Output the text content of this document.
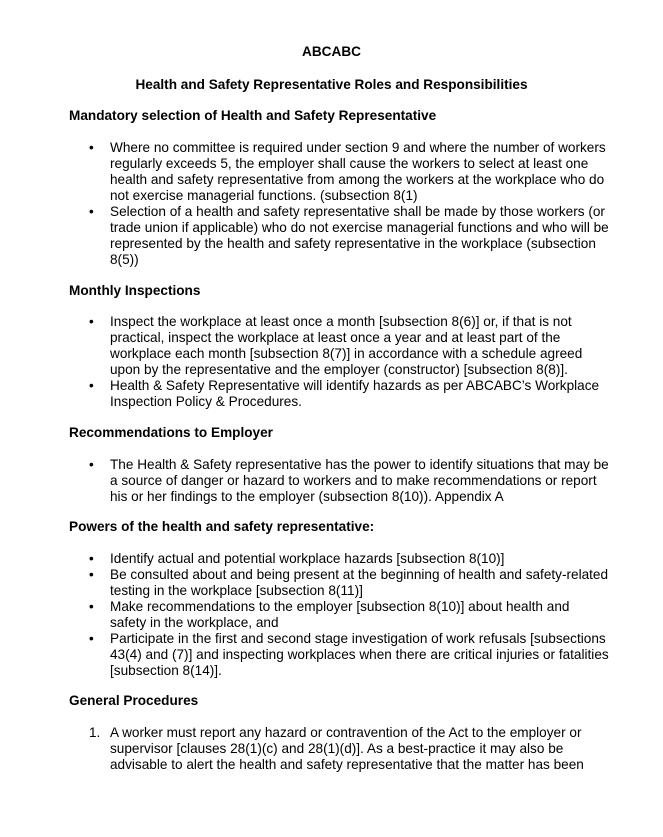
ABCABC
Health and Safety Representative Roles and Responsibilities
Mandatory selection of Health and Safety Representative
•	Where no committee is required under section 9 and where the number of workers regularly exceeds 5, the employer shall cause the workers to select at least one health and safety representative from among the workers at the workplace who do not exercise managerial functions. (subsection 8(1)
•	Selection of a health and safety representative shall be made by those workers (or trade union if applicable) who do not exercise managerial functions and who will be represented by the health and safety representative in the workplace (subsection 8(5))
Monthly Inspections
•	Inspect the workplace at least once a month [subsection 8(6)] or, if that is not practical, inspect the workplace at least once a year and at least part of the workplace each month [subsection 8(7)] in accordance with a schedule agreed upon by the representative and the employer (constructor) [subsection 8(8)].
•	Health & Safety Representative will identify hazards as per ABCABC’s Workplace Inspection Policy & Procedures.
Recommendations to Employer
•	The Health & Safety representative has the power to identify situations that may be a source of danger or hazard to workers and to make recommendations or report his or her findings to the employer (subsection 8(10)). Appendix A
Powers of the health and safety representative:
•	Identify actual and potential workplace hazards [subsection 8(10)]
•	Be consulted about and being present at the beginning of health and safety-related testing in the workplace [subsection 8(11)]
•	Make recommendations to the employer [subsection 8(10)] about health and safety in the workplace, and
•	Participate in the first and second stage investigation of work refusals [subsections 43(4) and (7)] and inspecting workplaces when there are critical injuries or fatalities [subsection 8(14)].
General Procedures
1. A worker must report any hazard or contravention of the Act to the employer or supervisor [clauses 28(1)(c) and 28(1)(d)]. As a best-practice it may also be advisable to alert the health and safety representative that the matter has been
